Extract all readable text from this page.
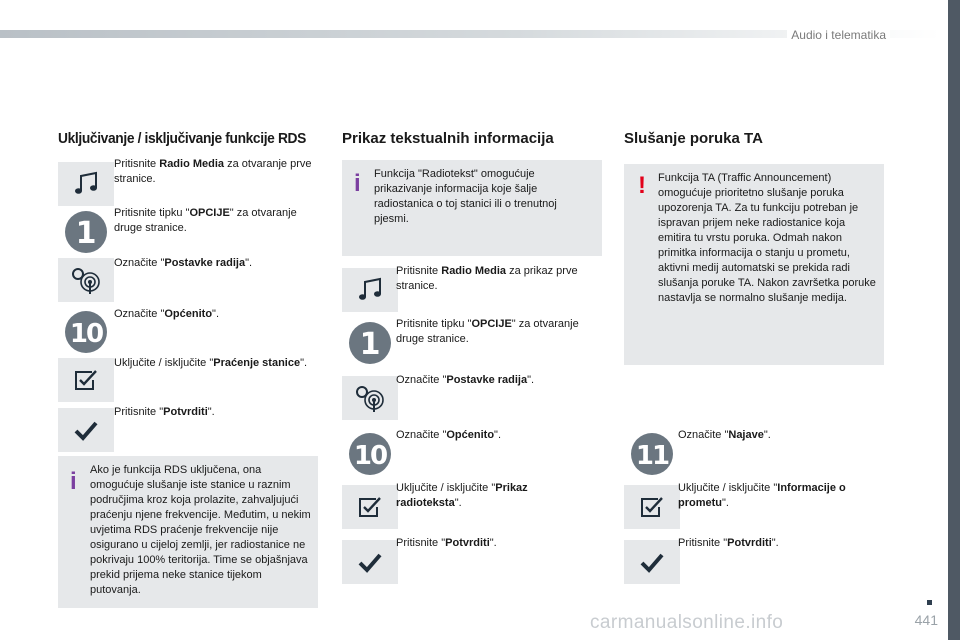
Audio i telematika
Uključivanje / isključivanje funkcije RDS
Pritisnite Radio Media za otvaranje prve stranice.
1
Pritisnite tipku "OPCIJE" za otvaranje druge stranice.
Označite "Postavke radija".
10
Označite "Općenito".
Uključite / isključite "Praćenje stanice".
Pritisnite "Potvrditi".
i Ako je funkcija RDS uključena, ona omogućuje slušanje iste stanice u raznim područjima kroz koja prolazite, zahvaljujući praćenju njene frekvencije. Međutim, u nekim uvjetima RDS praćenje frekvencije nije osigurano u cijeloj zemlji, jer radiostanice ne pokrivaju 100% teritorija. Time se objašnjava prekid prijema neke stanice tijekom putovanja.
Prikaz tekstualnih informacija
i Funkcija "Radiotekst" omogućuje prikazivanje informacija koje šalje radiostanica o toj stanici ili o trenutnoj pjesmi.
Pritisnite Radio Media za prikaz prve stranice.
1
Pritisnite tipku "OPCIJE" za otvaranje druge stranice.
Označite "Postavke radija".
10
Označite "Općenito".
Uključite / isključite "Prikaz radioteksta".
Pritisnite "Potvrditi".
Slušanje poruka TA
! Funkcija TA (Traffic Announcement) omogućuje prioritetno slušanje poruka upozorenja TA. Za tu funkciju potreban je ispravan prijem neke radiostanice koja emitira tu vrstu poruka. Odmah nakon primitka informacija o stanju u prometu, aktivni medij automatski se prekida radi slušanja poruke TA. Nakon završetka poruke nastavlja se normalno slušanje medija.
11
Označite "Najave".
Uključite / isključite "Informacije o prometu".
Pritisnite "Potvrditi".
441
carmanualsonline.info
